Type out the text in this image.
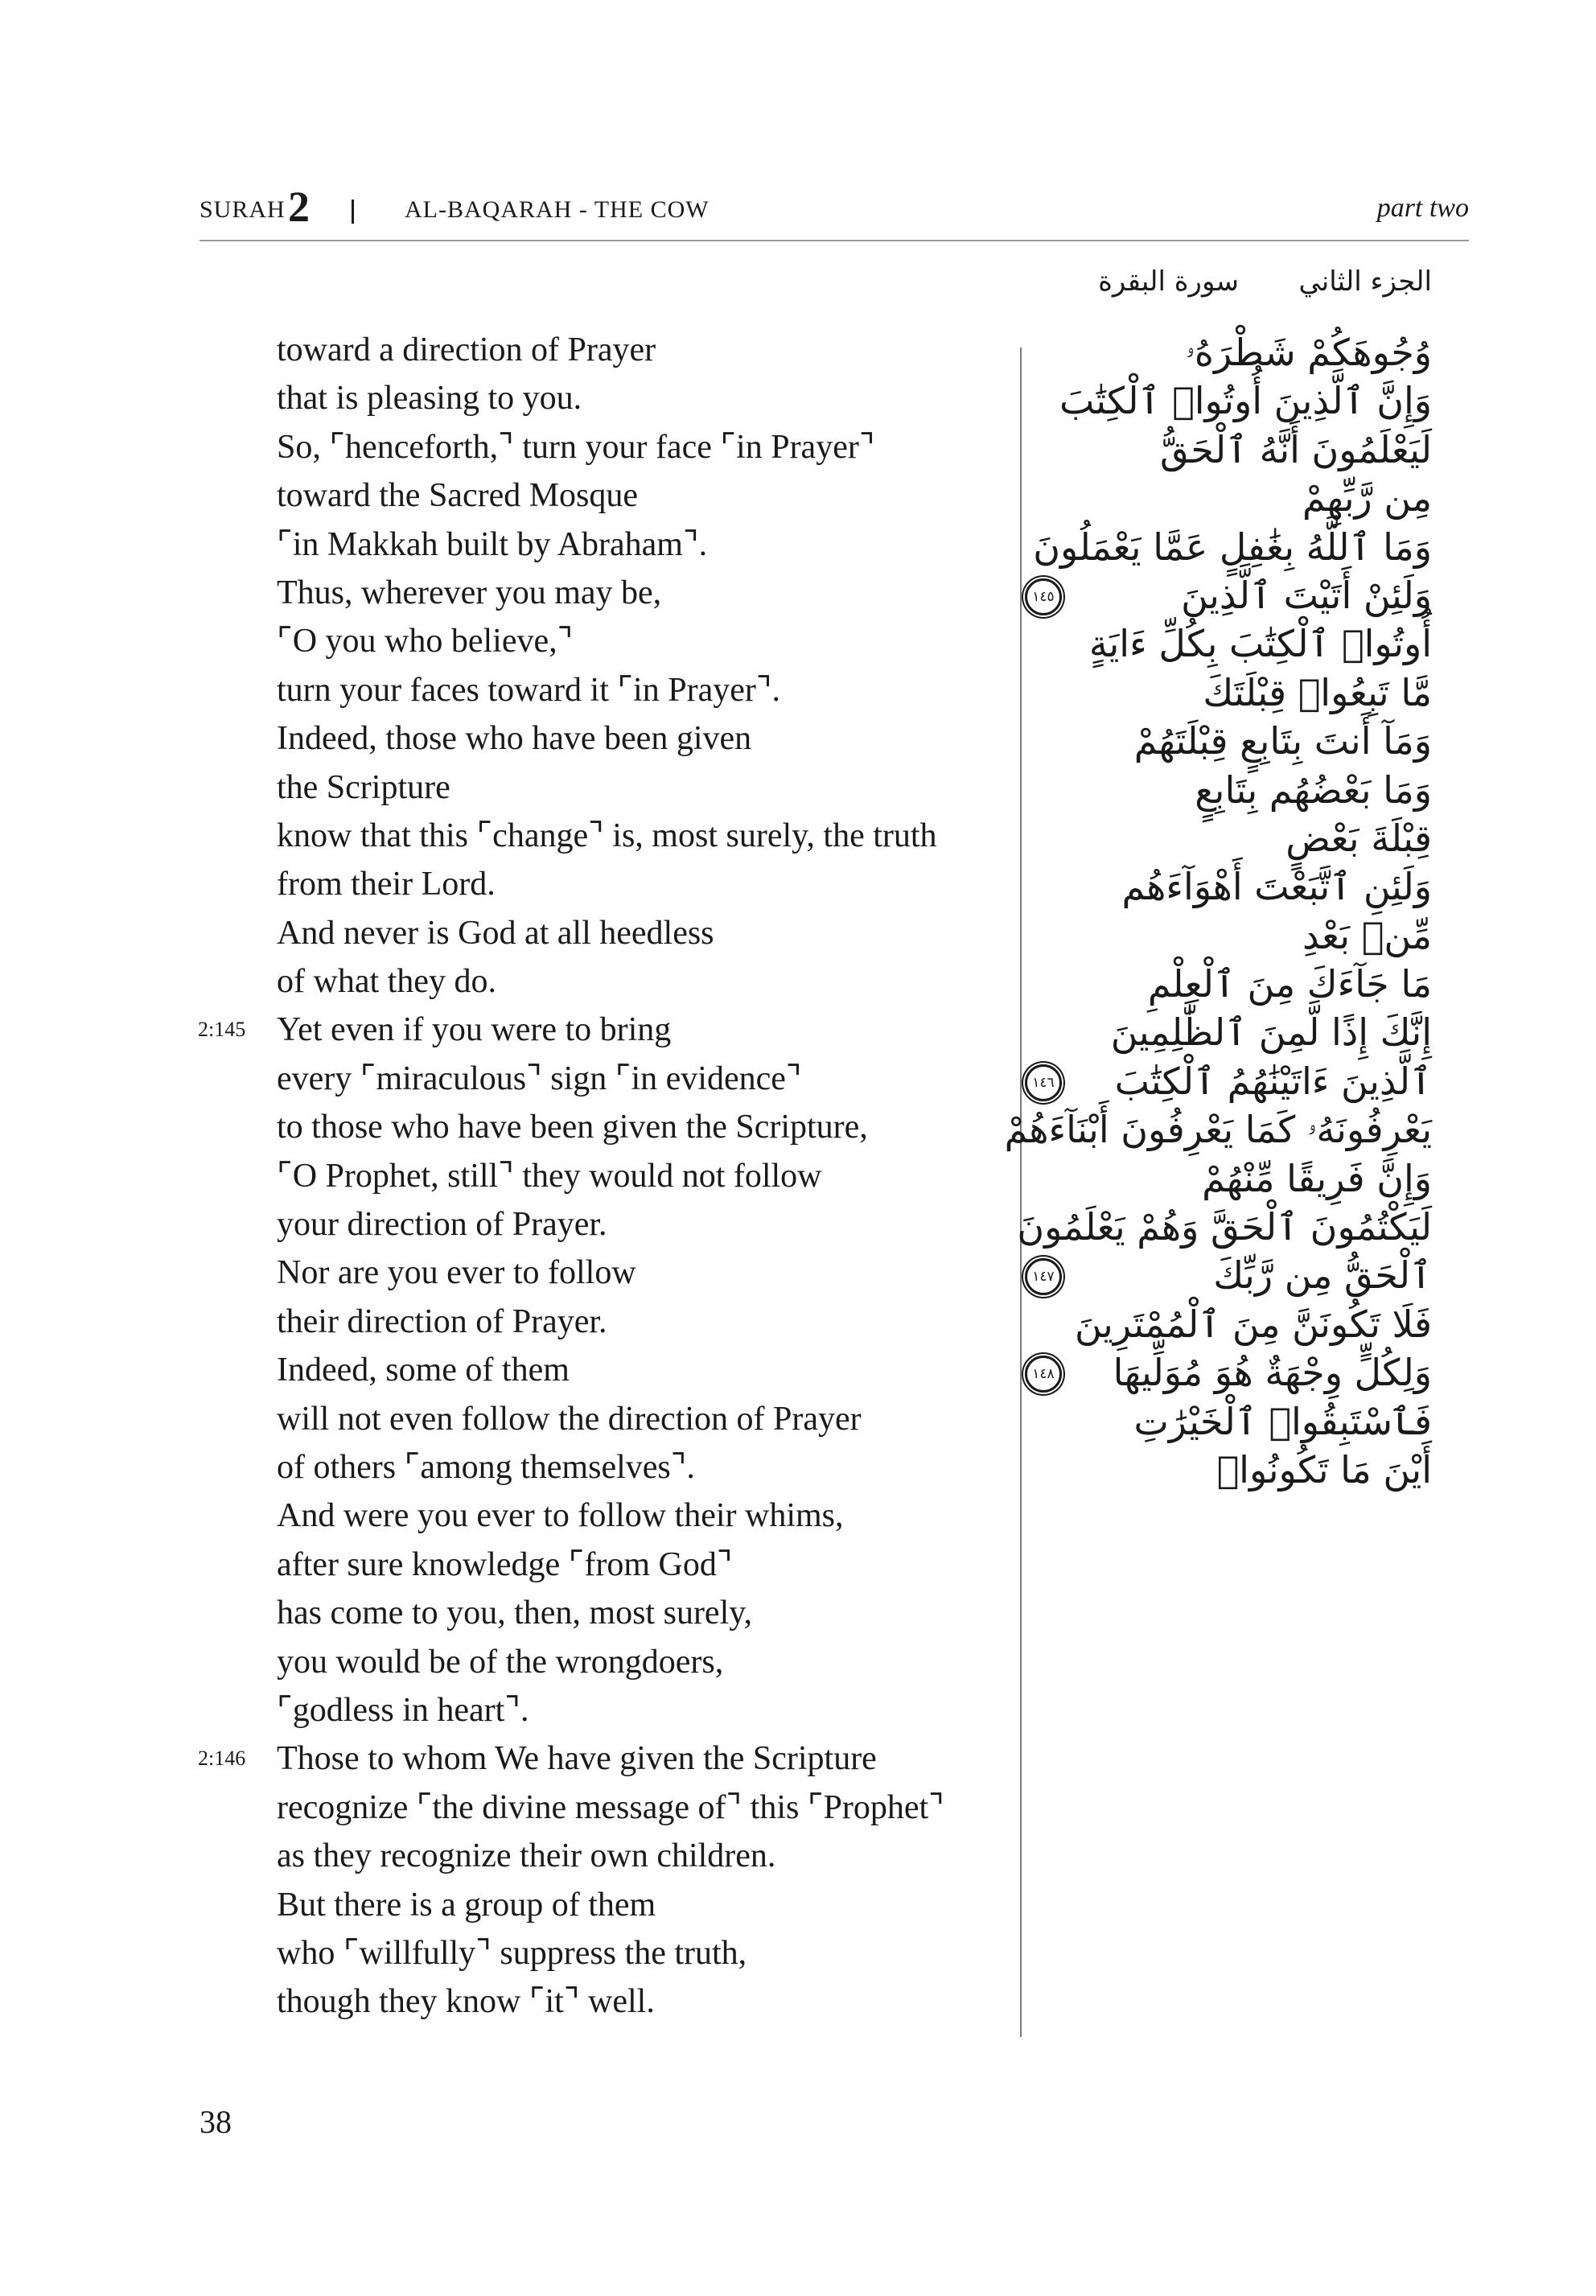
SURAH 2	AL-BAQARAH - THE COW	part two
الجزء الثاني
سورة البقرة
toward a direction of Prayer
that is pleasing to you.
So, ⌜henceforth,⌝ turn your face ⌜in Prayer⌝
toward the Sacred Mosque
⌜in Makkah built by Abraham⌝.
Thus, wherever you may be,
⌜O you who believe,⌝
turn your faces toward it ⌜in Prayer⌝.
Indeed, those who have been given
the Scripture
know that this ⌜change⌝ is, most surely, the truth
from their Lord.
And never is God at all heedless
of what they do.
2:145 Yet even if you were to bring
every ⌜miraculous⌝ sign ⌜in evidence⌝
to those who have been given the Scripture,
⌜O Prophet, still⌝ they would not follow
your direction of Prayer.
Nor are you ever to follow
their direction of Prayer.
Indeed, some of them
will not even follow the direction of Prayer
of others ⌜among themselves⌝.
And were you ever to follow their whims,
after sure knowledge ⌜from God⌝
has come to you, then, most surely,
you would be of the wrongdoers,
⌜godless in heart⌝.
2:146 Those to whom We have given the Scripture
recognize ⌜the divine message of⌝ this ⌜Prophet⌝
as they recognize their own children.
But there is a group of them
who ⌜willfully⌝ suppress the truth,
though they know ⌜it⌝ well.
وُجُوهَكُمْ شَطْرَهُۥ
وَإِنَّ ٱلَّذِينَ أُوتُوا۟ ٱلْكِتَٰبَ
لَيَعْلَمُونَ أَنَّهُ ٱلْحَقُّ
مِن رَّبِّهِمْ
وَمَا ٱللَّهُ بِغَٰفِلٍ عَمَّا يَعْمَلُونَ
وَلَئِنْ أَتَيْتَ ٱلَّذِينَ
١٤٥
أُوتُوا۟ ٱلْكِتَٰبَ بِكُلِّ ءَايَةٍ
مَّا تَبِعُوا۟ قِبْلَتَكَ
وَمَآ أَنتَ بِتَابِعٍ قِبْلَتَهُمْ
وَمَا بَعْضُهُم بِتَابِعٍ
قِبْلَةَ بَعْضٍ
وَلَئِنِ ٱتَّبَعْتَ أَهْوَآءَهُم
مِّنۢ بَعْدِ
مَا جَآءَكَ مِنَ ٱلْعِلْمِ
إِنَّكَ إِذًا لَّمِنَ ٱلظَّٰلِمِينَ
ٱلَّذِينَ ءَاتَيْنَٰهُمُ ٱلْكِتَٰبَ
١٤٦
يَعْرِفُونَهُۥ كَمَا يَعْرِفُونَ أَبْنَآءَهُمْ
وَإِنَّ فَرِيقًا مِّنْهُمْ
لَيَكْتُمُونَ ٱلْحَقَّ وَهُمْ يَعْلَمُونَ
ٱلْحَقُّ مِن رَّبِّكَ
١٤٧
فَلَا تَكُونَنَّ مِنَ ٱلْمُمْتَرِينَ
وَلِكُلٍّ وِجْهَةٌ هُوَ مُوَلِّيهَا
١٤٨
فَٱسْتَبِقُوا۟ ٱلْخَيْرَٰتِ
أَيْنَ مَا تَكُونُوا۟
38
